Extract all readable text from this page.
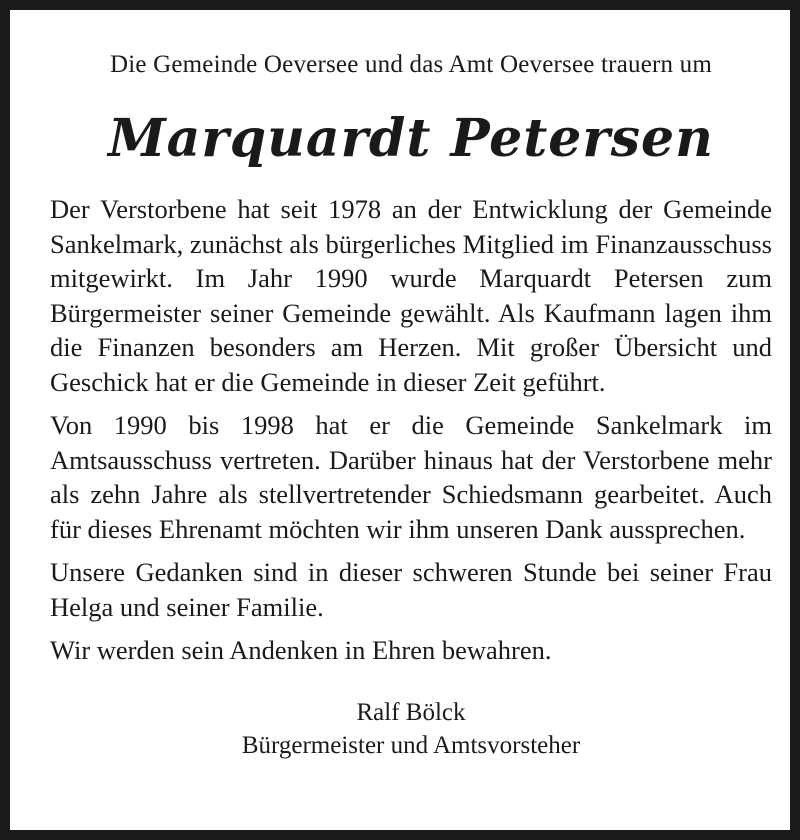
Die Gemeinde Oeversee und das Amt Oeversee trauern um

Marquardt Petersen

Der Verstorbene hat seit 1978 an der Entwicklung der Gemeinde Sankelmark, zunächst als bürgerliches Mitglied im Finanzausschuss mitgewirkt. Im Jahr 1990 wurde Marquardt Petersen zum Bürgermeister seiner Gemeinde gewählt. Als Kaufmann lagen ihm die Finanzen besonders am Herzen. Mit großer Übersicht und Geschick hat er die Gemeinde in dieser Zeit geführt.

Von 1990 bis 1998 hat er die Gemeinde Sankelmark im Amtsausschuss vertreten. Darüber hinaus hat der Verstorbene mehr als zehn Jahre als stellvertretender Schiedsmann gearbeitet. Auch für dieses Ehrenamt möchten wir ihm unseren Dank aussprechen.

Unsere Gedanken sind in dieser schweren Stunde bei seiner Frau Helga und seiner Familie.

Wir werden sein Andenken in Ehren bewahren.

Ralf Bölck
Bürgermeister und Amtsvorsteher
